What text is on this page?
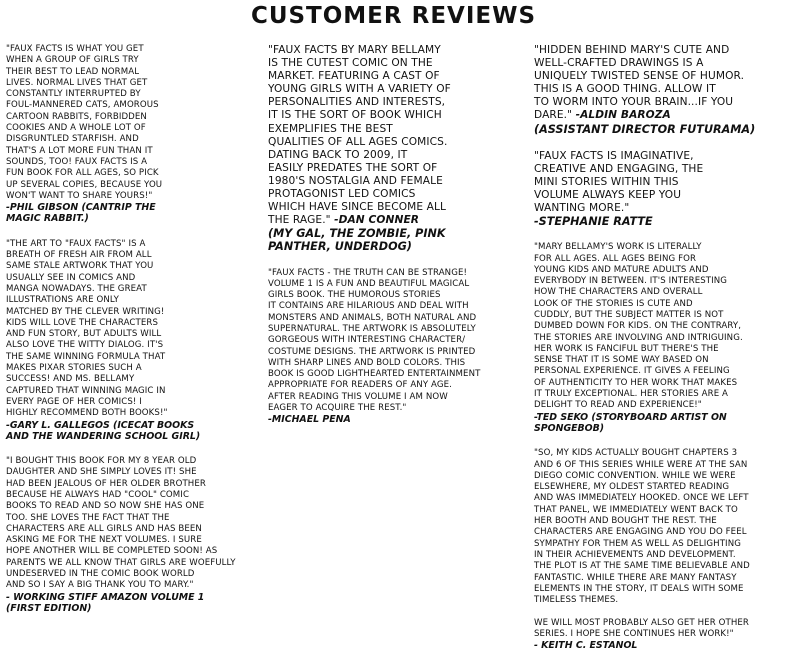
CUSTOMER REVIEWS
"FAUX FACTS IS WHAT YOU GET
WHEN A GROUP OF GIRLS TRY
THEIR BEST TO LEAD NORMAL
LIVES. NORMAL LIVES THAT GET
CONSTANTLY INTERRUPTED BY
FOUL-MANNERED CATS, AMOROUS
CARTOON RABBITS, FORBIDDEN
COOKIES AND A WHOLE LOT OF
DISGRUNTLED STARFISH. AND
THAT'S A LOT MORE FUN THAN IT
SOUNDS, TOO! FAUX FACTS IS A
FUN BOOK FOR ALL AGES, SO PICK
UP SEVERAL COPIES, BECAUSE YOU
WON'T WANT TO SHARE YOURS!"
-PHIL GIBSON (CANTRIP THE
MAGIC RABBIT.)
"THE ART TO "FAUX FACTS" IS A
BREATH OF FRESH AIR FROM ALL
SAME STALE ARTWORK THAT YOU
USUALLY SEE IN COMICS AND
MANGA NOWADAYS. THE GREAT
ILLUSTRATIONS ARE ONLY
MATCHED BY THE CLEVER WRITING!
KIDS WILL LOVE THE CHARACTERS
AND FUN STORY, BUT ADULTS WILL
ALSO LOVE THE WITTY DIALOG. IT'S
THE SAME WINNING FORMULA THAT
MAKES PIXAR STORIES SUCH A
SUCCESS! AND MS. BELLAMY
CAPTURED THAT WINNING MAGIC IN
EVERY PAGE OF HER COMICS! I
HIGHLY RECOMMEND BOTH BOOKS!"
-GARY L. GALLEGOS (ICECAT BOOKS
AND THE WANDERING SCHOOL GIRL)
"I BOUGHT THIS BOOK FOR MY 8 YEAR OLD
DAUGHTER AND SHE SIMPLY LOVES IT! SHE
HAD BEEN JEALOUS OF HER OLDER BROTHER
BECAUSE HE ALWAYS HAD "COOL" COMIC
BOOKS TO READ AND SO NOW SHE HAS ONE
TOO. SHE LOVES THE FACT THAT THE
CHARACTERS ARE ALL GIRLS AND HAS BEEN
ASKING ME FOR THE NEXT VOLUMES. I SURE
HOPE ANOTHER WILL BE COMPLETED SOON! AS
PARENTS WE ALL KNOW THAT GIRLS ARE WOEFULLY
UNDESERVED IN THE COMIC BOOK WORLD
AND SO I SAY A BIG THANK YOU TO MARY."
- WORKING STIFF AMAZON VOLUME 1
(FIRST EDITION)
"FAUX FACTS BY MARY BELLAMY
IS THE CUTEST COMIC ON THE
MARKET. FEATURING A CAST OF
YOUNG GIRLS WITH A VARIETY OF
PERSONALITIES AND INTERESTS,
IT IS THE SORT OF BOOK WHICH
EXEMPLIFIES THE BEST
QUALITIES OF ALL AGES COMICS.
DATING BACK TO 2009, IT
EASILY PREDATES THE SORT OF
1980'S NOSTALGIA AND FEMALE
PROTAGONIST LED COMICS
WHICH HAVE SINCE BECOME ALL
THE RAGE." -DAN CONNER
(MY GAL, THE ZOMBIE, PINK
PANTHER, UNDERDOG)
"FAUX FACTS - THE TRUTH CAN BE STRANGE!
VOLUME 1 IS A FUN AND BEAUTIFUL MAGICAL
GIRLS BOOK. THE HUMOROUS STORIES
IT CONTAINS ARE HILARIOUS AND DEAL WITH
MONSTERS AND ANIMALS, BOTH NATURAL AND
SUPERNATURAL. THE ARTWORK IS ABSOLUTELY
GORGEOUS WITH INTERESTING CHARACTER/
COSTUME DESIGNS. THE ARTWORK IS PRINTED
WITH SHARP LINES AND BOLD COLORS. THIS
BOOK IS GOOD LIGHTHEARTED ENTERTAINMENT
APPROPRIATE FOR READERS OF ANY AGE.
AFTER READING THIS VOLUME I AM NOW
EAGER TO ACQUIRE THE REST."
-MICHAEL PENA
"HIDDEN BEHIND MARY'S CUTE AND
WELL-CRAFTED DRAWINGS IS A
UNIQUELY TWISTED SENSE OF HUMOR.
THIS IS A GOOD THING. ALLOW IT
TO WORM INTO YOUR BRAIN...IF YOU
DARE." -ALDIN BAROZA
(ASSISTANT DIRECTOR FUTURAMA)
"FAUX FACTS IS IMAGINATIVE,
CREATIVE AND ENGAGING, THE
MINI STORIES WITHIN THIS
VOLUME ALWAYS KEEP YOU
WANTING MORE."
-STEPHANIE RATTE
"MARY BELLAMY'S WORK IS LITERALLY
FOR ALL AGES. ALL AGES BEING FOR
YOUNG KIDS AND MATURE ADULTS AND
EVERYBODY IN BETWEEN. IT'S INTERESTING
HOW THE CHARACTERS AND OVERALL
LOOK OF THE STORIES IS CUTE AND
CUDDLY, BUT THE SUBJECT MATTER IS NOT
DUMBED DOWN FOR KIDS. ON THE CONTRARY,
THE STORIES ARE INVOLVING AND INTRIGUING.
HER WORK IS FANCIFUL BUT THERE'S THE
SENSE THAT IT IS SOME WAY BASED ON
PERSONAL EXPERIENCE. IT GIVES A FEELING
OF AUTHENTICITY TO HER WORK THAT MAKES
IT TRULY EXCEPTIONAL. HER STORIES ARE A
DELIGHT TO READ AND EXPERIENCE!"
-TED SEKO (STORYBOARD ARTIST ON
SPONGEBOB)
"SO, MY KIDS ACTUALLY BOUGHT CHAPTERS 3
AND 6 OF THIS SERIES WHILE WERE AT THE SAN
DIEGO COMIC CONVENTION. WHILE WE WERE
ELSEWHERE, MY OLDEST STARTED READING
AND WAS IMMEDIATELY HOOKED. ONCE WE LEFT
THAT PANEL, WE IMMEDIATELY WENT BACK TO
HER BOOTH AND BOUGHT THE REST. THE
CHARACTERS ARE ENGAGING AND YOU DO FEEL
SYMPATHY FOR THEM AS WELL AS DELIGHTING
IN THEIR ACHIEVEMENTS AND DEVELOPMENT.
THE PLOT IS AT THE SAME TIME BELIEVABLE AND
FANTASTIC. WHILE THERE ARE MANY FANTASY
ELEMENTS IN THE STORY, IT DEALS WITH SOME
TIMELESS THEMES.

WE WILL MOST PROBABLY ALSO GET HER OTHER
SERIES. I HOPE SHE CONTINUES HER WORK!"
- KEITH C. ESTANOL
